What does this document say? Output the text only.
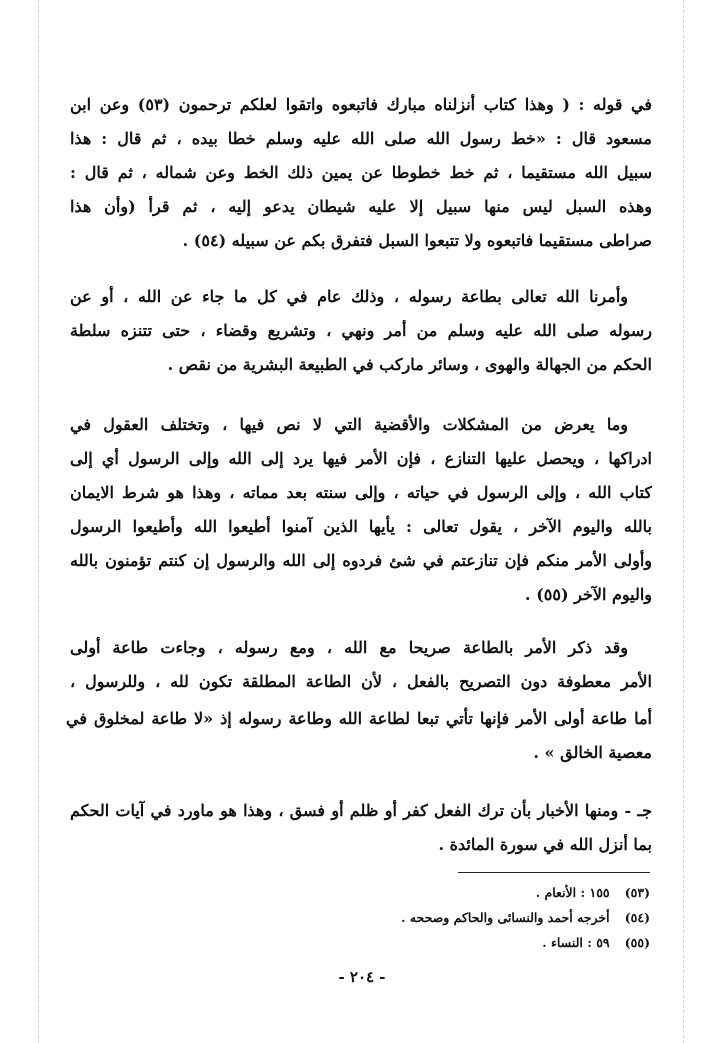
في قوله : ( وهذا كتاب أنزلناه مبارك فاتبعوه واتقوا لعلكم ترحمون (٥٣) وعن ابن
مسعود قال : «خط رسول الله صلى الله عليه وسلم خطا بيده ، ثم قال : هذا
سبيل الله مستقيما ، ثم خط خطوطا عن يمين ذلك الخط وعن شماله ، ثم قال :
وهذه السبل ليس منها سبيل إلا عليه شيطان يدعو إليه ، ثم قرأ (وأن هذا
صراطى مستقيما فاتبعوه ولا تتبعوا السبل فتفرق بكم عن سبيله (٥٤) .

وأمرنا الله تعالى بطاعة رسوله ، وذلك عام في كل ما جاء عن الله ، أو عن
رسوله صلى الله عليه وسلم من أمر ونهي ، وتشريع وقضاء ، حتى تتنزه سلطة
الحكم من الجهالة والهوى ، وسائر ماركب في الطبيعة البشرية من نقص .

وما يعرض من المشكلات والأقضية التي لا نص فيها ، وتختلف العقول في
ادراكها ، ويحصل عليها التنازع ، فإن الأمر فيها يرد إلى الله وإلى الرسول أي إلى
كتاب الله ، وإلى الرسول في حياته ، وإلى سنته بعد مماته ، وهذا هو شرط الايمان
بالله واليوم الآخر ، يقول تعالى : يأيها الذين آمنوا أطيعوا الله وأطيعوا الرسول
وأولى الأمر منكم فإن تنازعتم في شئ فردوه إلى الله والرسول إن كنتم تؤمنون بالله
واليوم الآخر (٥٥) .

وقد ذكر الأمر بالطاعة صريحا مع الله ، ومع رسوله ، وجاءت طاعة أولى
الأمر معطوفة دون التصريح بالفعل ، لأن الطاعة المطلقة تكون لله ، وللرسول ،

أما طاعة أولى الأمر فإنها تأتي تبعا لطاعة الله وطاعة رسوله إذ «لا طاعة لمخلوق في
معصية الخالق » .

جـ - ومنها الأخبار بأن ترك الفعل كفر أو ظلم أو فسق ، وهذا هو ماورد في آيات الحكم
بما أنزل الله في سورة المائدة .

(٥٣) ١٥٥ : الأنعام .
(٥٤) أخرجه أحمد والنسائى والحاكم وصححه .
(٥٥) ٥٩ : النساء .
- ٢٠٤ -
